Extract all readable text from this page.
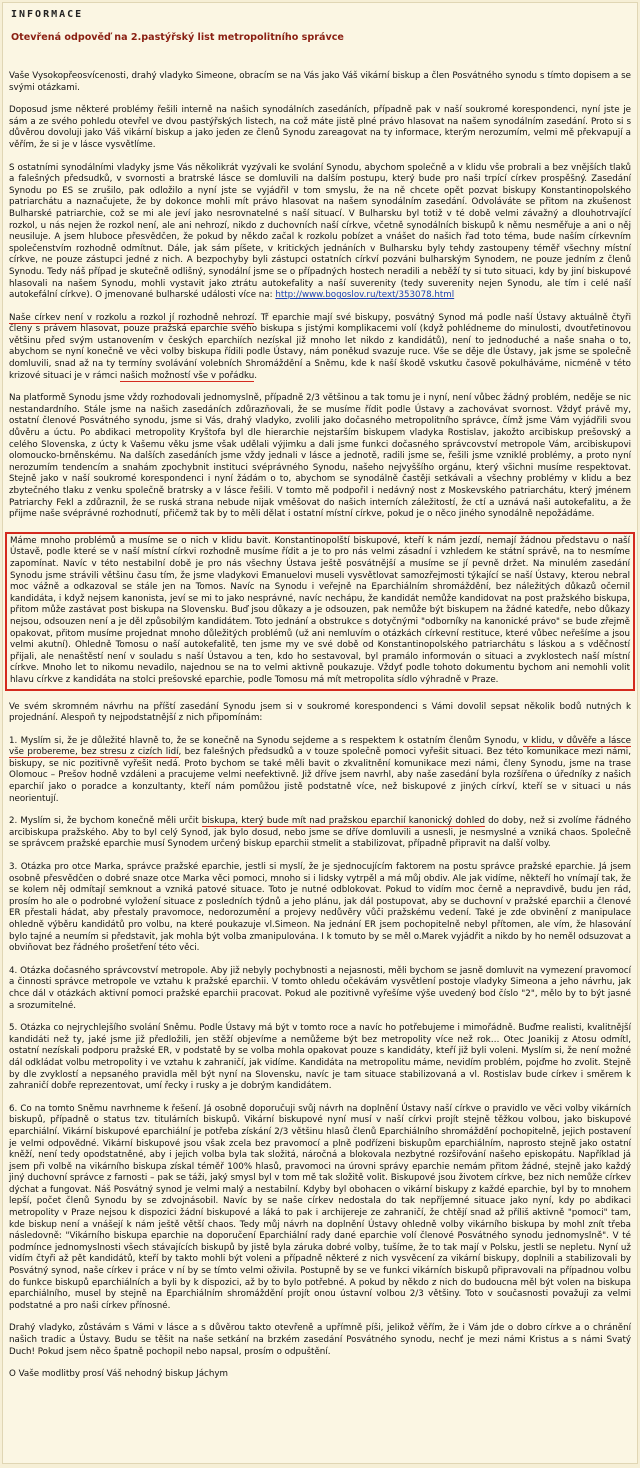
INFORMACE
Otevřená odpověď na 2.pastýřský list metropolitního správce

Vaše Vysokopřeosvícenosti, drahý vladyko Simeone, obracím se na Vás jako Váš vikární biskup a člen Posvátného synodu s tímto dopisem a se svými otázkami.

Doposud jsme některé problémy řešili interně na našich synodálních zasedáních, případně pak v naší soukromé korespondenci, nyní jste je sám a ze svého pohledu otevřel ve dvou pastýřských listech, na což máte jistě plné právo hlasovat na našem synodálním zasedání. Proto si s důvěrou dovoluji jako Váš vikární biskup a jako jeden ze členů Synodu zareagovat na ty informace, kterým nerozumím, velmi mě překvapují a věřím, že si je v lásce vysvětlíme.

S ostatními synodálními vladyky jsme Vás několikrát vyzývali ke svolání Synodu, abychom společně a v klidu vše probrali a bez vnějších tlaků a falešných předsudků, v svornosti a bratrské lásce se domluvili na dalším postupu, který bude pro naši trpící církev prospěšný. Zasedání Synodu po ES se zrušilo, pak odložilo a nyní jste se vyjádřil v tom smyslu, že na ně chcete opět pozvat biskupy Konstantinopolského patriarchátu a naznačujete, že by dokonce mohli mít právo hlasovat na našem synodálním zasedání. Odvoláváte se přitom na zkušenost Bulharské patriarchie, což se mi ale jeví jako nesrovnatelné s naší situací. V Bulharsku byl totiž v té době velmi závažný a dlouhotrvající rozkol, u nás nejen že rozkol není, ale ani nehrozí, nikdo z duchovních naší církve, včetně synodálních biskupů k němu nesměřuje a ani o něj neusiluje. A jsem hluboce přesvědčen, že pokud by někdo začal k rozkolu pobízet a vnášet do našich řad toto téma, bude naším církevním společenstvím rozhodně odmítnut. Dále, jak sám píšete, v kritických jednáních v Bulharsku byly tehdy zastoupeny téměř všechny místní církve, ne pouze zástupci jedné z nich. A bezpochyby byli zástupci ostatních církví pozváni bulharským Synodem, ne pouze jedním z členů Synodu. Tedy náš případ je skutečně odlišný, synodální jsme se o případných hostech neradili a neběží ty si tuto situaci, kdy by jiní biskupové hlasovali na našem Synodu, mohli vystavit jako ztrátu autokefality a naší suverenity (tedy suverenity nejen Synodu, ale tím i celé naší autokefální církve). O jmenované bulharské události více na: http://www.bogoslov.ru/text/353078.html

Naše církev není v rozkolu a rozkol jí rozhodně nehrozí. Tř eparchie mají své biskupy, posvátný Synod má podle naší Ústavy aktuálně čtyři členy s právem hlasovat, pouze pražská eparchie svého biskupa s jistými komplikacemi volí (když pohlédneme do minulosti, dvoutřetinovou většinu před svým ustanovením v českých eparchiích nezískal již mnoho let nikdo z kandidátů), není to jednoduché a naše snaha o to, abychom se nyní konečně ve věci volby biskupa řídili podle Ústavy, nám poněkud svazuje ruce. Vše se děje dle Ústavy, jak jsme se společně domluvili, snad až na ty termíny svolávání volebních Shromáždění a Sněmu, kde k naší škodě vskutku časově pokulháváme, nicméně v této krizové situaci je v rámci našich možností vše v pořádku.

Na platformě Synodu jsme vždy rozhodovali jednomyslně, případně 2/3 většinou a tak tomu je i nyní, není vůbec žádný problém, neděje se nic nestandardního. Stále jsme na našich zasedáních zdůrazňovali, že se musíme řídit podle Ústavy a zachovávat svornost. Vždyť právě my, ostatní členové Posvátného synodu, jsme si Vás, drahý vladyko, zvolili jako dočasného metropolitního správce, čímž jsme Vám vyjádřili svou důvěru a úctu. Po abdikaci metropolity Kryštofa byl dle hierarchie nejstarším biskupem vladyka Rostislav, jakožto arcibiskup prešovský a celého Slovenska, z úcty k Vašemu věku jsme však udělali výjimku a dali jsme funkci dočasného správcovství metropole Vám, arcibiskupovi olomoucko-brněnskému. Na dalších zasedáních jsme vždy jednali v lásce a jednotě, radili jsme se, řešili jsme vzniklé problémy, a proto nyní nerozumím tendencím a snahám zpochybnit instituci svéprávného Synodu, našeho nejvyššího orgánu, který všichni musíme respektovat. Stejně jako v naší soukromé korespondenci i nyní žádám o to, abychom se synodálně častěji setkávali a všechny problémy v klidu a bez zbytečného tlaku z venku společně bratrsky a v lásce řešili. V tomto mě podpořil i nedávný nost z Moskevského patriarchátu, který jménem Patriarchy Fekl a zdůraznil, že se ruská strana nebude nijak vměšovat do našich interních záležitostí, že ctí a uznává naši autokefalitu, a že přijme naše svéprávné rozhodnutí, přičemž tak by to měli dělat i ostatní místní církve, pokud je o něco jiného synodálně nepožádáme.

Máme mnoho problémů a musíme se o nich v klidu bavit. Konstantinopolští biskupové, kteří k nám jezdí, nemají žádnou představu o naší Ústavě, podle které se v naší místní církvi rozhodně musíme řídit a je to pro nás velmi zásadní i vzhledem ke státní správě, na to nesmíme zapomínat. Navíc v této nestabilní době je pro nás všechny Ústava ještě posvátnější a musíme se jí pevně držet. Na minulém zasedání Synodu jsme strávili většinu času tím, že jsme vladykovi Emanuelovi museli vysvětlovat samozřejmosti týkající se naší Ústavy, kterou nebral moc vážně a odkazoval se stále jen na Tomos. Navíc na Synodu i veřejně na Eparchiálním shromáždění, bez náležitých důkazů očernil kandidáta, i když nejsem kanonista, jeví se mi to jako nesprávné, navíc nechápu, že kandidát nemůže kandidovat na post pražského biskupa, přitom může zastávat post biskupa na Slovensku. Buď jsou důkazy a je odsouzen, pak nemůže být biskupem na žádné katedře, nebo důkazy nejsou, odsouzen není a je děl způsobilým kandidátem. Toto jednání a obstrukce s dotyčnými "odborníky na kanonické právo" se bude zřejmě opakovat, přitom musíme projednat mnoho důležitých problémů (už ani nemluvím o otázkách církevní restituce, které vůbec neřešíme a jsou velmi akutní). Ohledně Tomosu o naší autokefalitě, ten jsme my ve své době od Konstantinopolského patriarchátu s láskou a s vděčností přijali, ale nenaštěstí není v souladu s naší Ústavou a ten, kdo ho sestavoval, byl pramálo informován o situaci a zvyklostech naší místní církve. Mnoho let to nikomu nevadilo, najednou se na to velmi aktivně poukazuje. Vždyť podle tohoto dokumentu bychom ani nemohli volit hlavu církve z kandidáta na stolci prešovské eparchie, podle Tomosu má mít metropolita sídlo výhradně v Praze.

Ve svém skromném návrhu na příští zasedání Synodu jsem si v soukromé korespondenci s Vámi dovolil sepsat několik bodů nutných k projednání. Alespoň ty nejpodstatnější z nich připomínám:

1. Myslím si, že je důležité hlavně to, že se konečně na Synodu sejdeme a s respektem k ostatním členům Synodu, v klidu, v důvěře a lásce vše probereme, bez stresu z cizích lidí, bez falešných předsudků a v touze společně pomoci vyřešit situaci. Bez této komunikace mezi námi, biskupy, se nic pozitivně vyřešit nedá. Proto bychom se také měli bavit o zkvalitnění komunikace mezi námi, členy Synodu, jsme na trase Olomouc – Prešov hodně vzdáleni a pracujeme velmi neefektivně. Již dříve jsem navrhl, aby naše zasedání byla rozšířena o úředníky z našich eparchií jako o poradce a konzultanty, kteří nám pomůžou jistě podstatně více, než biskupové z jiných církví, kteří se v situaci u nás neorientují.

2. Myslím si, že bychom konečně měli určit biskupa, který bude mít nad pražskou eparchií kanonický dohled do doby, než si zvolíme řádného arcibiskupa pražského. Aby to byl celý Synod, jak bylo dosud, nebo jsme se dříve domluvili a usnesli, je nesmyslné a vzniká chaos. Společně se správcem pražské eparchie musí Synodem určený biskup eparchii stmelit a stabilizovat, případně připravit na další volby.

3. Otázka pro otce Marka, správce pražské eparchie, jestli si myslí, že je sjednocujícím faktorem na postu správce pražské eparchie. Já jsem osobně přesvědčen o dobré snaze otce Marka věci pomoci, mnoho si i lidsky vytrpěl a má můj obdiv. Ale jak vidíme, někteří ho vnímají tak, že se kolem něj odmítají semknout a vzniká patové situace. Toto je nutné odblokovat. Pokud to vidím moc černě a nepravdivě, budu jen rád, prosím ho ale o podrobné vyložení situace z posledních týdnů a jeho plánu, jak dál postupovat, aby se duchovní v pražské eparchii a členové ER přestali hádat, aby přestaly pravomoce, nedorozumění a projevy nedůvěry vůči pražskému vedení. Také je zde obvinění z manipulace ohledně výběru kandidátů pro volbu, na které poukazuje vl.Simeon. Na jednání ER jsem pochopitelně nebyl přítomen, ale vím, že hlasování bylo tajné a neumím si představit, jak mohla být volba zmanipulována. I k tomuto by se měl o.Marek vyjádřit a nikdo by ho neměl odsuzovat a obviňovat bez řádného prošetření této věci.

4. Otázka dočasného správcovství metropole. Aby již nebyly pochybnosti a nejasnosti, měli bychom se jasně domluvit na vymezení pravomocí a činnosti správce metropole ve vztahu k pražské eparchii. V tomto ohledu očekávám vysvětlení postoje vladyky Simeona a jeho návrhu, jak chce dál v otázkách aktivní pomoci pražské eparchii pracovat. Pokud ale pozitivně vyřešíme výše uvedený bod číslo "2", mělo by to být jasné a srozumitelné.

5. Otázka co nejrychlejšího svolání Sněmu. Podle Ústavy má být v tomto roce a navíc ho potřebujeme i mimořádně. Buďme realisti, kvalitnější kandidáti než ty, jaké jsme již předložili, jen stěží objevíme a nemůžeme být bez metropolity více než rok… Otec Joanikij z Atosu odmítl, ostatní nezískali podporu pražské ER, v podstatě by se volba mohla opakovat pouze s kandidáty, kteří již byli voleni. Myslím si, že není možné dál odkládat volbu metropolity i ve vztahu k zahraničí, jak vidíme. Kandidáta na metropolitu máme, nevidím problém, pojďme ho zvolit. Stejně by dle zvyklostí a nepsaného pravidla měl být nyní na Slovensku, navíc je tam situace stabilizovaná a vl. Rostislav bude církev i směrem k zahraničí dobře reprezentovat, umí řecky i rusky a je dobrým kandidátem.

6. Co na tomto Sněmu navrhneme k řešení. Já osobně doporučuji svůj návrh na doplnění Ústavy naší církve o pravidlo ve věci volby vikárních biskupů, případně o status tzv. titulárních biskupů. Vikární biskupové nyní musí v naší církvi projít stejně těžkou volbou, jako biskupové eparchiální. Vikární biskupové eparchiální je potřeba získání 2/3 většinu hlasů členů Eparchiálního shromáždění pochopitelně, jejich postavení je velmi odpovědné. Vikární biskupové jsou však zcela bez pravomocí a plně podřízeni biskupům eparchiálním, naprosto stejně jako ostatní kněží, není tedy opodstatněné, aby i jejich volba byla tak složitá, náročná a blokovala nezbytné rozšiřování našeho episkopátu. Například já jsem při volbě na vikárního biskupa získal téměř 100% hlasů, pravomoci na úrovni správy eparchie nemám přitom žádné, stejně jako každý jiný duchovní správce z farnosti – pak se táži, jaký smysl byl v tom mě tak složitě volit. Biskupové jsou životem církve, bez nich nemůže církev dýchat a fungovat. Náš Posvátný synod je velmi malý a nestabilní. Kdyby byl obohacen o vikární biskupy z každé eparchie, byl by to mnohem lepší, počet členů Synodu by se zdvojnásobil. Navíc by se naše církev nedostala do tak nepříjemné situace jako nyní, kdy po abdikaci metropolity v Praze nejsou k dispozici žádní biskupové a láká to pak i archijereje ze zahraničí, že chtějí snad až příliš aktivně "pomoci" tam, kde biskup není a vnášejí k nám ještě větší chaos. Tedy můj návrh na doplnění Ústavy ohledně volby vikárního biskupa by mohl znít třeba následovně: "Vikárního biskupa eparchie na doporučení Eparchiální rady dané eparchie volí členové Posvátného synodu jednomyslně". V té podmínce jednomyslnosti všech stávajících biskupů by jistě byla záruka dobré volby, tušíme, že to tak mají v Polsku, jestli se nepletu. Nyní už vidím čtyři až pět kandidátů, kteří by takto mohli být voleni a případně některé z nich vysvěcení za vikární biskupy, doplnili a stabilizovali by Posvátný synod, naše církev i práce v ní by se tímto velmi oživila. Postupně by se ve funkci vikárních biskupů připravovali na případnou volbu do funkce biskupů eparchiálních a byli by k dispozici, až by to bylo potřebné. A pokud by někdo z nich do budoucna měl být volen na biskupa eparchiálního, musel by stejně na Eparchiálním shromáždění projít onou ústavní volbou 2/3 většiny. Toto v současnosti považuji za velmi podstatné a pro naši církev přínosné.

Drahý vladyko, zůstávám s Vámi v lásce a s důvěrou takto otevřeně a upřímně píši, jelikož věřím, že i Vám jde o dobro církve a o chránění našich tradic a Ústavy. Budu se těšit na naše setkání na brzkém zasedání Posvátného synodu, nechť je mezi námi Kristus a s námi Svatý Duch! Pokud jsem něco špatně pochopil nebo napsal, prosím o odpuštění.

O Vaše modlitby prosí Váš nehodný biskup Jáchym
